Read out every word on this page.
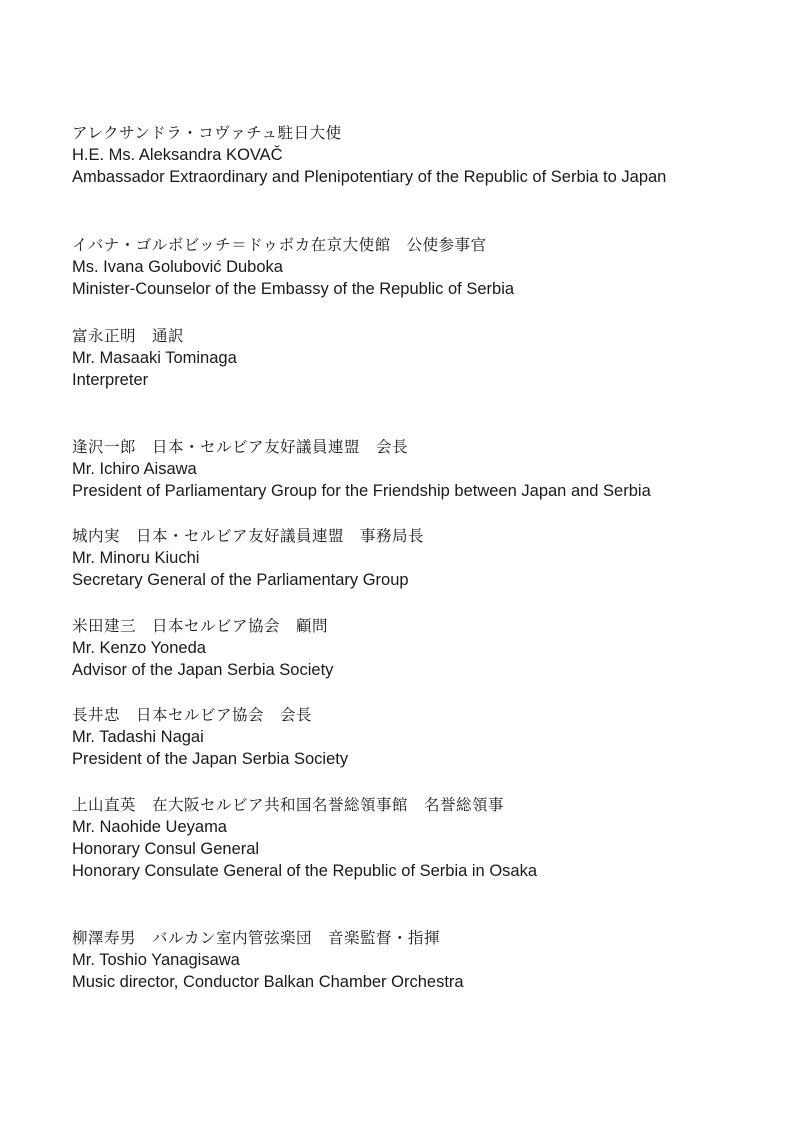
アレクサンドラ・コヴァチュ駐日大使
H.E. Ms. Aleksandra KOVAČ
Ambassador Extraordinary and Plenipotentiary of the Republic of Serbia to Japan
イバナ・ゴルボビッチ＝ドゥボカ在京大使館　公使参事官
Ms. Ivana Golubović Duboka
Minister-Counselor of the Embassy of the Republic of Serbia
富永正明　通訳
Mr. Masaaki Tominaga
Interpreter
逢沢一郎　日本・セルビア友好議員連盟　会長
Mr. Ichiro Aisawa
President of Parliamentary Group for the Friendship between Japan and Serbia
城内実　日本・セルビア友好議員連盟　事務局長
Mr. Minoru Kiuchi
Secretary General of the Parliamentary Group
米田建三　日本セルビア協会　顧問
Mr. Kenzo Yoneda
Advisor of the Japan Serbia Society
長井忠　日本セルビア協会　会長
Mr. Tadashi Nagai
President of the Japan Serbia Society
上山直英　在大阪セルビア共和国名誉総領事館　名誉総領事
Mr. Naohide Ueyama
Honorary Consul General
Honorary Consulate General of the Republic of Serbia in Osaka
柳澤寿男　バルカン室内管弦楽団　音楽監督・指揮
Mr. Toshio Yanagisawa
Music director, Conductor Balkan Chamber Orchestra
